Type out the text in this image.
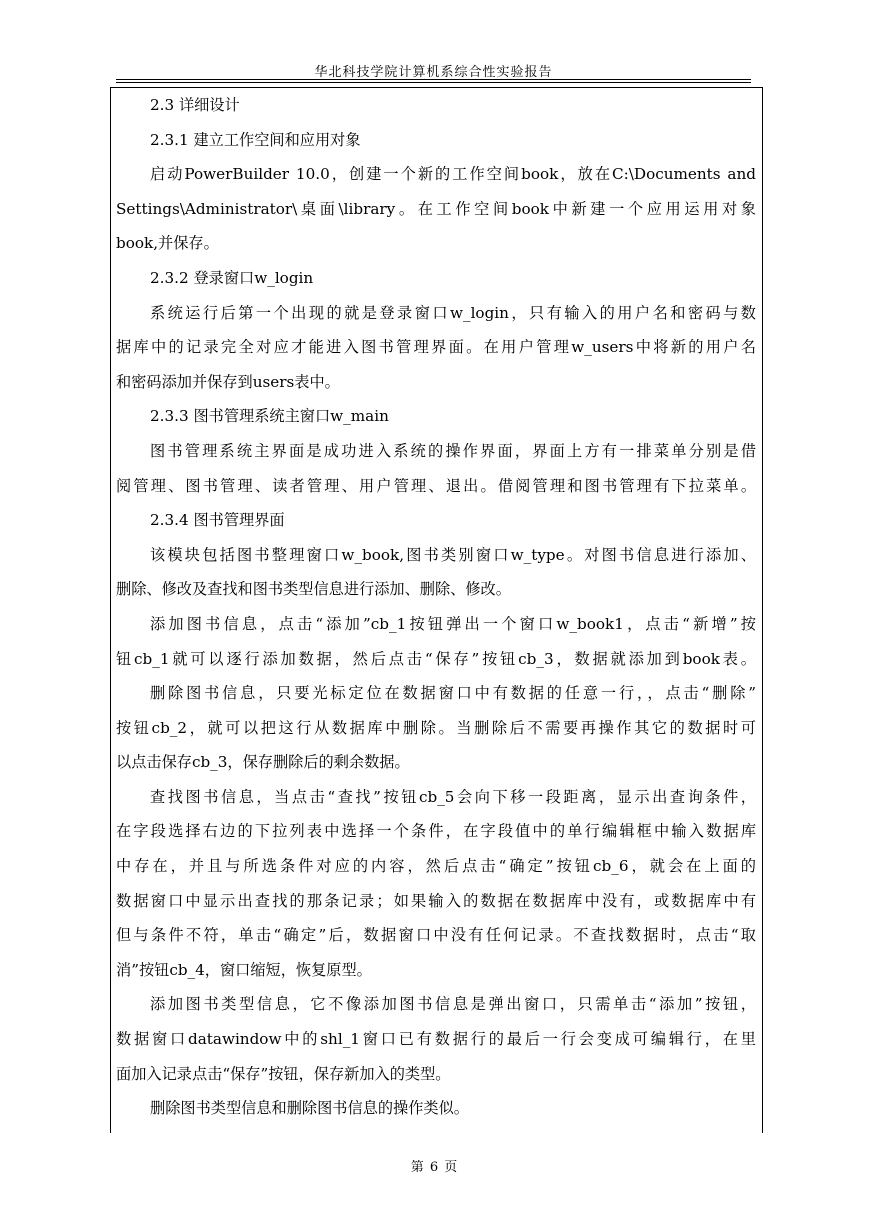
华北科技学院计算机系综合性实验报告

2.3 详细设计

2.3.1 建立工作空间和应用对象

启动PowerBuilder 10.0，创建一个新的工作空间book，放在C:\Documents and

Settings\Administrator\桌面\library。在工作空间book中新建一个应用运用对象

book,并保存。

2.3.2 登录窗口w_login

系统运行后第一个出现的就是登录窗口w_login，只有输入的用户名和密码与数

据库中的记录完全对应才能进入图书管理界面。在用户管理w_users中将新的用户名

和密码添加并保存到users表中。

2.3.3 图书管理系统主窗口w_main

图书管理系统主界面是成功进入系统的操作界面，界面上方有一排菜单分别是借

阅管理、图书管理、读者管理、用户管理、退出。借阅管理和图书管理有下拉菜单。

2.3.4 图书管理界面

该模块包括图书整理窗口w_book,图书类别窗口w_type。对图书信息进行添加、

删除、修改及查找和图书类型信息进行添加、删除、修改。

添加图书信息，点击“添加”cb_1按钮弹出一个窗口w_book1，点击“新增”按

钮cb_1就可以逐行添加数据，然后点击“保存”按钮cb_3，数据就添加到book表。

删除图书信息，只要光标定位在数据窗口中有数据的任意一行，，点击“删除”

按钮cb_2，就可以把这行从数据库中删除。当删除后不需要再操作其它的数据时可

以点击保存cb_3，保存删除后的剩余数据。

查找图书信息，当点击“查找”按钮cb_5会向下移一段距离，显示出查询条件，

在字段选择右边的下拉列表中选择一个条件，在字段值中的单行编辑框中输入数据库

中存在，并且与所选条件对应的内容，然后点击“确定”按钮cb_6，就会在上面的

数据窗口中显示出查找的那条记录；如果输入的数据在数据库中没有，或数据库中有

但与条件不符，单击“确定”后，数据窗口中没有任何记录。不查找数据时，点击“取

消”按钮cb_4，窗口缩短，恢复原型。

添加图书类型信息，它不像添加图书信息是弹出窗口，只需单击“添加”按钮，

数据窗口datawindow中的shl_1窗口已有数据行的最后一行会变成可编辑行，在里

面加入记录点击“保存”按钮，保存新加入的类型。

删除图书类型信息和删除图书信息的操作类似。

第 6 页
